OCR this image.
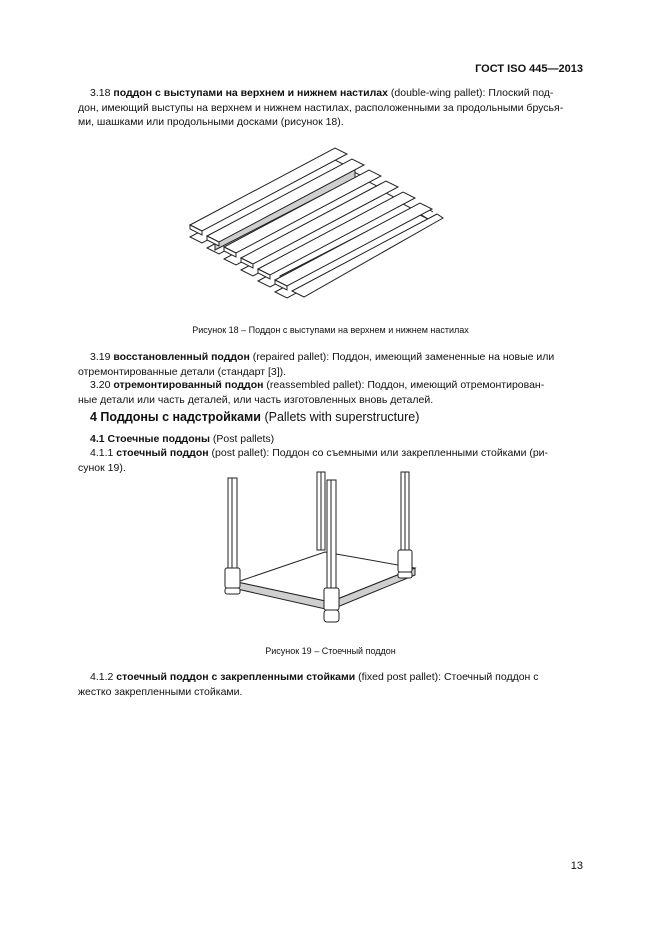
ГОСТ ISO 445—2013
3.18 поддон с выступами на верхнем и нижнем настилах (double-wing pallet): Плоский под-
дон, имеющий выступы на верхнем и нижнем настилах, расположенными за продольными брусья-
ми, шашками или продольными досками (рисунок 18).
Рисунок 18 – Поддон с выступами на верхнем и нижнем настилах
3.19 восстановленный поддон (repaired pallet): Поддон, имеющий замененные на новые или
отремонтированные детали (стандарт [3]).
3.20 отремонтированный поддон (reassembled pallet): Поддон, имеющий отремонтирован-
ные детали или часть деталей, или часть изготовленных вновь деталей.
4 Поддоны с надстройками (Pallets with superstructure)
4.1 Стоечные поддоны (Post pallets)
4.1.1 стоечный поддон (post pallet): Поддон со съемными или закрепленными стойками (ри-
сунок 19).
Рисунок 19 – Стоечный поддон
4.1.2 стоечный поддон с закрепленными стойками (fixed post pallet): Стоечный поддон с
жестко закрепленными стойками.
13
